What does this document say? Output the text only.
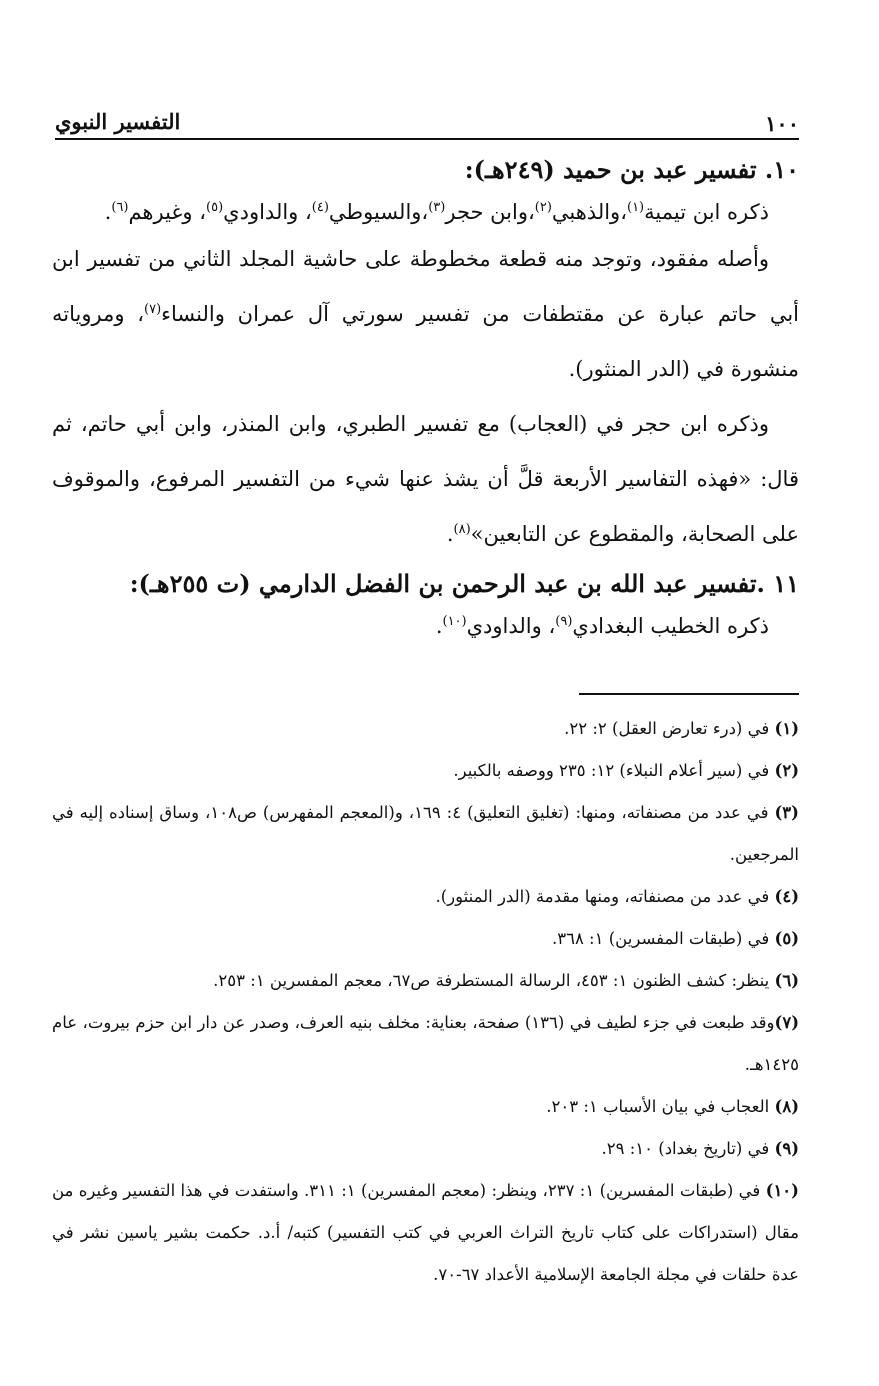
١٠٠
التفسير النبوي
١٠. تفسير عبد بن حميد (٢٤٩هـ):

ذكره ابن تيمية$^{(١)}$،والذهبي$^{(٢)}$،وابن حجر$^{(٣)}$،والسيوطي$^{(٤)}$، والداودي$^{(٥)}$، وغيرهم$^{(٦)}$.

وأصله مفقود، وتوجد منه قطعة مخطوطة على حاشية المجلد الثاني من تفسير ابن أبي حاتم عبارة عن مقتطفات من تفسير سورتي آل عمران والنساء$^{(٧)}$، ومروياته منشورة في (الدر المنثور).

وذكره ابن حجر في (العجاب) مع تفسير الطبري، وابن المنذر، وابن أبي حاتم، ثم قال: «فهذه التفاسير الأربعة قلَّ أن يشذ عنها شيء من التفسير المرفوع، والموقوف على الصحابة، والمقطوع عن التابعين»$^{(٨)}$.

١١ .تفسير عبد الله بن عبد الرحمن بن الفضل الدارمي (ت ٢٥٥هـ):

ذكره الخطيب البغدادي$^{(٩)}$، والداودي$^{(١٠)}$.

(١) في (درء تعارض العقل) ٢: ٢٢.

(٢) في (سير أعلام النبلاء) ١٢: ٢٣٥ ووصفه بالكبير.

(٣) في عدد من مصنفاته، ومنها: (تغليق التعليق) ٤: ١٦٩، و(المعجم المفهرس) ص١٠٨، وساق إسناده إليه في المرجعين.

(٤) في عدد من مصنفاته، ومنها مقدمة (الدر المنثور).

(٥) في (طبقات المفسرين) ١: ٣٦٨.

(٦) ينظر: كشف الظنون ١: ٤٥٣، الرسالة المستطرفة ص٦٧، معجم المفسرين ١: ٢٥٣.

(٧)وقد طبعت في جزء لطيف في (١٣٦) صفحة، بعناية: مخلف بنيه العرف، وصدر عن دار ابن حزم بيروت، عام ١٤٢٥هـ.

(٨) العجاب في بيان الأسباب ١: ٢٠٣.

(٩) في (تاريخ بغداد) ١٠: ٢٩.

(١٠) في (طبقات المفسرين) ١: ٢٣٧، وينظر: (معجم المفسرين) ١: ٣١١. واستفدت في هذا التفسير وغيره من مقال (استدراكات على كتاب تاريخ التراث العربي في كتب التفسير) كتبه/ أ.د. حكمت بشير ياسين نشر في عدة حلقات في مجلة الجامعة الإسلامية الأعداد ٦٧-٧٠.
